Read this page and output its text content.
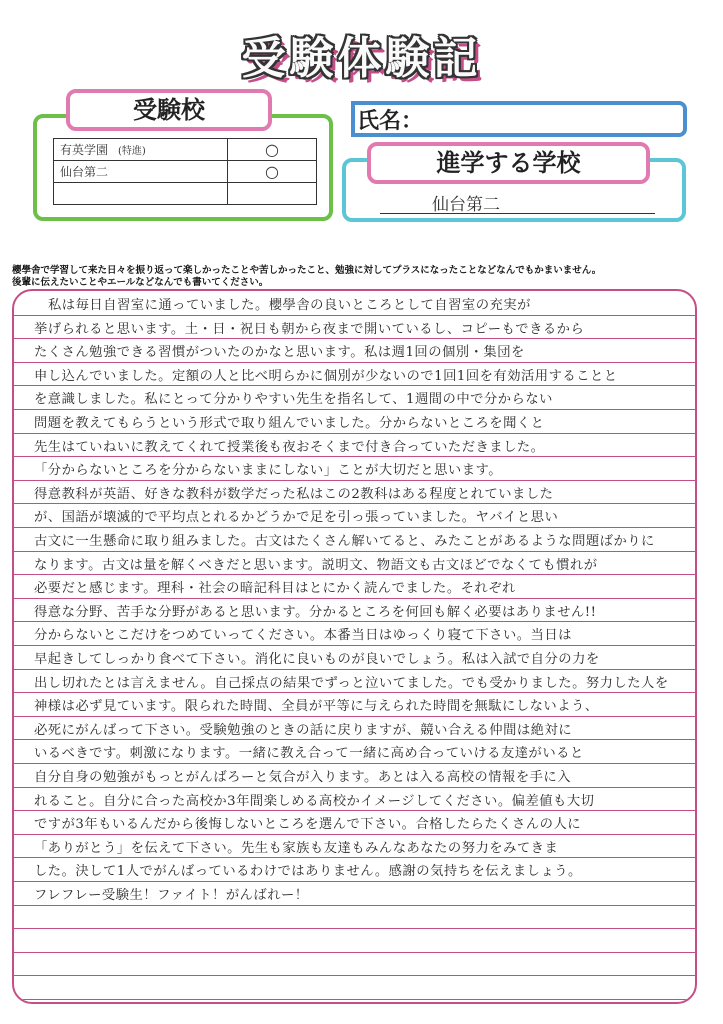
受験体験記
受験校
有英学園 (特進)	○
仙台第二	○

氏名：
進学する学校
仙台第二
櫻學舎で学習して来た日々を振り返って楽しかったことや苦しかったこと、勉強に対してプラスになったことなどなんでもかまいません。
後輩に伝えたいことやエールなどなんでも書いてください。
私は毎日自習室に通っていました。櫻學舎の良いところとして自習室の充実が
挙げられると思います。土・日・祝日も朝から夜まで開いているし、コピーもできるから
たくさん勉強できる習慣がついたのかなと思います。私は週1回の個別・集団を
申し込んでいました。定額の人と比べ明らかに個別が少ないので1回1回を有効活用することと
を意識しました。私にとって分かりやすい先生を指名して、1週間の中で分からない
問題を教えてもらうという形式で取り組んでいました。分からないところを聞くと
先生はていねいに教えてくれて授業後も夜おそくまで付き合っていただきました。
「分からないところを分からないままにしない」ことが大切だと思います。
得意教科が英語、好きな教科が数学だった私はこの2教科はある程度とれていました
が、国語が壊滅的で平均点とれるかどうかで足を引っ張っていました。ヤバイと思い
古文に一生懸命に取り組みました。古文はたくさん解いてると、みたことがあるような問題ばかりに
なります。古文は量を解くべきだと思います。説明文、物語文も古文ほどでなくても慣れが
必要だと感じます。理科・社会の暗記科目はとにかく読んでました。それぞれ
得意な分野、苦手な分野があると思います。分かるところを何回も解く必要はありません!!
分からないとこだけをつめていってください。本番当日はゆっくり寝て下さい。当日は
早起きしてしっかり食べて下さい。消化に良いものが良いでしょう。私は入試で自分の力を
出し切れたとは言えません。自己採点の結果でずっと泣いてました。でも受かりました。努力した人を
神様は必ず見ています。限られた時間、全員が平等に与えられた時間を無駄にしないよう、
必死にがんばって下さい。受験勉強のときの話に戻りますが、競い合える仲間は絶対に
いるべきです。刺激になります。一緒に教え合って一緒に高め合っていける友達がいると
自分自身の勉強がもっとがんばろーと気合が入ります。あとは入る高校の情報を手に入
れること。自分に合った高校か3年間楽しめる高校かイメージしてください。偏差値も大切
ですが3年もいるんだから後悔しないところを選んで下さい。合格したらたくさんの人に
「ありがとう」を伝えて下さい。先生も家族も友達もみんなあなたの努力をみてきま
した。決して1人でがんばっているわけではありません。感謝の気持ちを伝えましょう。
フレフレー受験生！ファイト！がんばれー！
